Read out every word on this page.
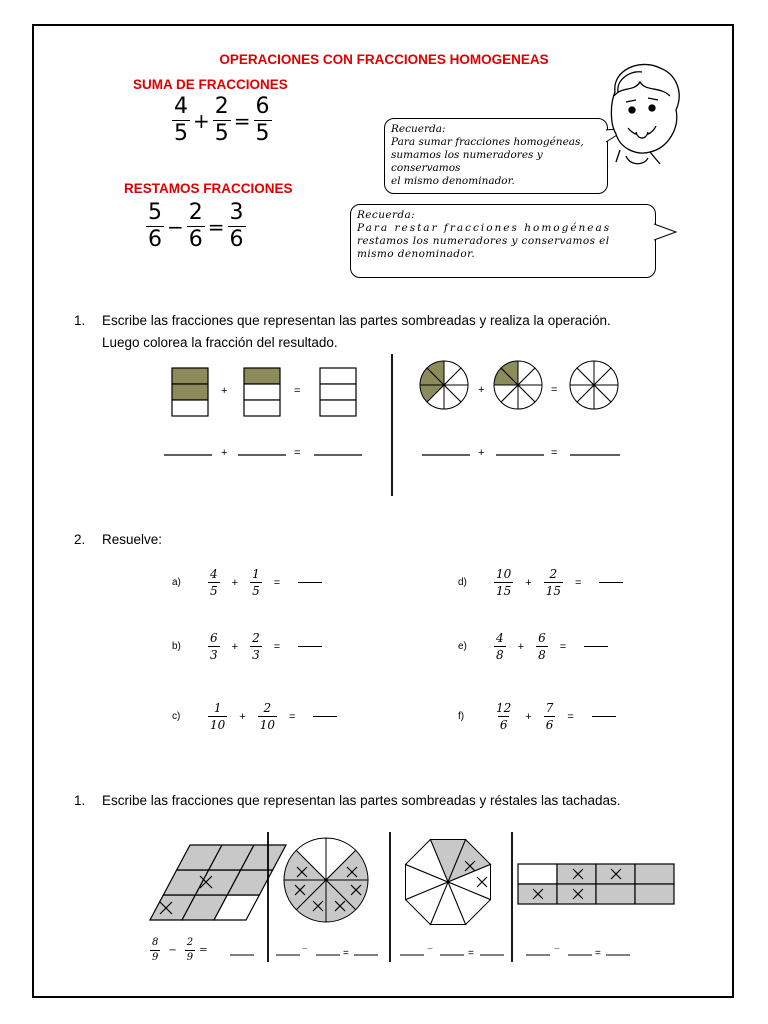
OPERACIONES CON FRACCIONES HOMOGENEAS
SUMA DE FRACCIONES
$\frac{4}{5} + \frac{2}{5} = \frac{6}{5}$	Recuerda:
Para sumar fracciones homogéneas,
sumamos los numeradores y conservamos
el mismo denominador.
RESTAMOS FRACCIONES
$\frac{5}{6} - \frac{2}{6} = \frac{3}{6}$	Recuerda:
Para restar fracciones homogéneas
restamos los numeradores y conservamos el
mismo denominador.
+	=	+	=
+	=	+	=
1. Escribe las fracciones que representan las partes sombreadas y realiza la operación.
Luego colorea la fracción del resultado.
2. Resuelve:
a)	$\frac{4}{5} + \frac{1}{5}$ =
b)	$\frac{6}{3} + \frac{2}{3}$ =
c)	$\frac{1}{10} + \frac{2}{10}$ =
d)	$\frac{10}{15} + \frac{2}{15}$ =
e)	$\frac{4}{8} + \frac{6}{8}$ =
f)	$\frac{12}{6} + \frac{7}{6}$ =
1. Escribe las fracciones que representan las partes sombreadas y réstales las tachadas.
$\frac{8}{9} - \frac{2}{9}$ =	−	=	−	=	−	=
